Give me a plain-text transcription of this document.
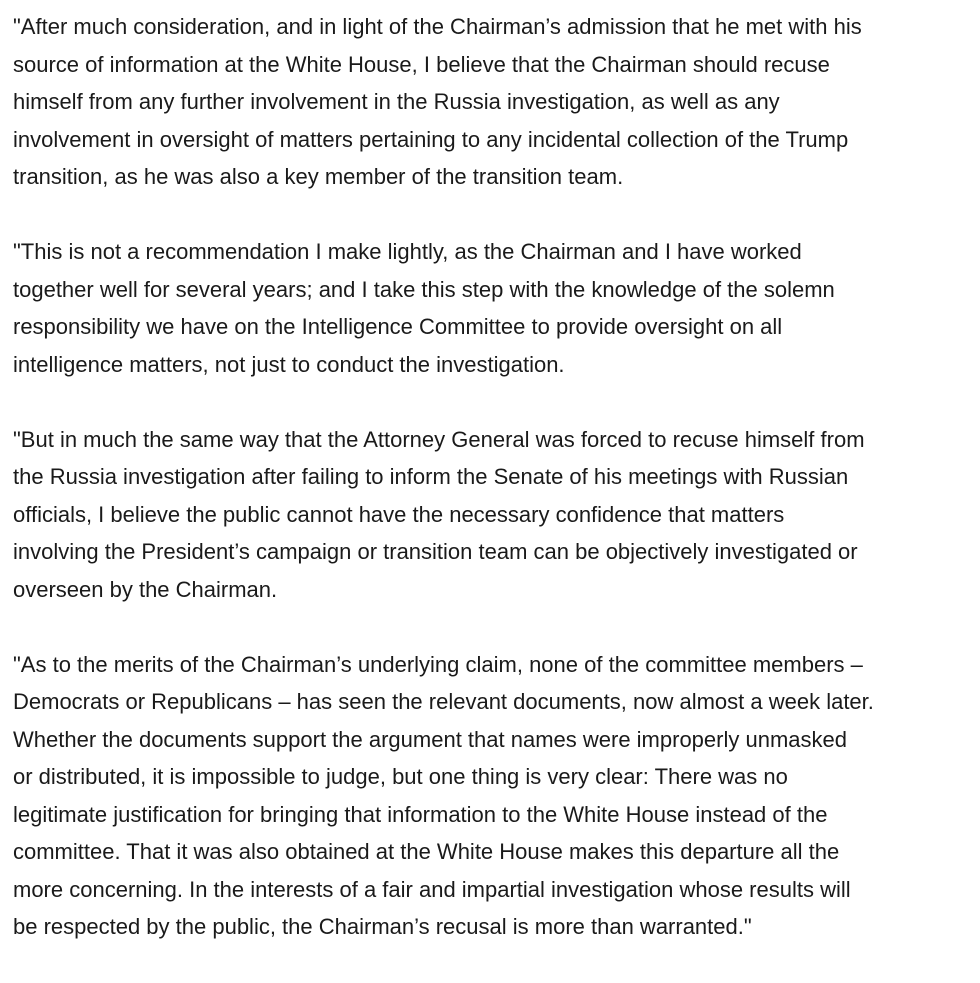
"After much consideration, and in light of the Chairman’s admission that he met with his
source of information at the White House, I believe that the Chairman should recuse
himself from any further involvement in the Russia investigation, as well as any
involvement in oversight of matters pertaining to any incidental collection of the Trump
transition, as he was also a key member of the transition team.

"This is not a recommendation I make lightly, as the Chairman and I have worked
together well for several years; and I take this step with the knowledge of the solemn
responsibility we have on the Intelligence Committee to provide oversight on all
intelligence matters, not just to conduct the investigation.

"But in much the same way that the Attorney General was forced to recuse himself from
the Russia investigation after failing to inform the Senate of his meetings with Russian
officials, I believe the public cannot have the necessary confidence that matters
involving the President’s campaign or transition team can be objectively investigated or
overseen by the Chairman.

"As to the merits of the Chairman’s underlying claim, none of the committee members –
Democrats or Republicans – has seen the relevant documents, now almost a week later.
Whether the documents support the argument that names were improperly unmasked
or distributed, it is impossible to judge, but one thing is very clear: There was no
legitimate justification for bringing that information to the White House instead of the
committee. That it was also obtained at the White House makes this departure all the
more concerning. In the interests of a fair and impartial investigation whose results will
be respected by the public, the Chairman’s recusal is more than warranted."
